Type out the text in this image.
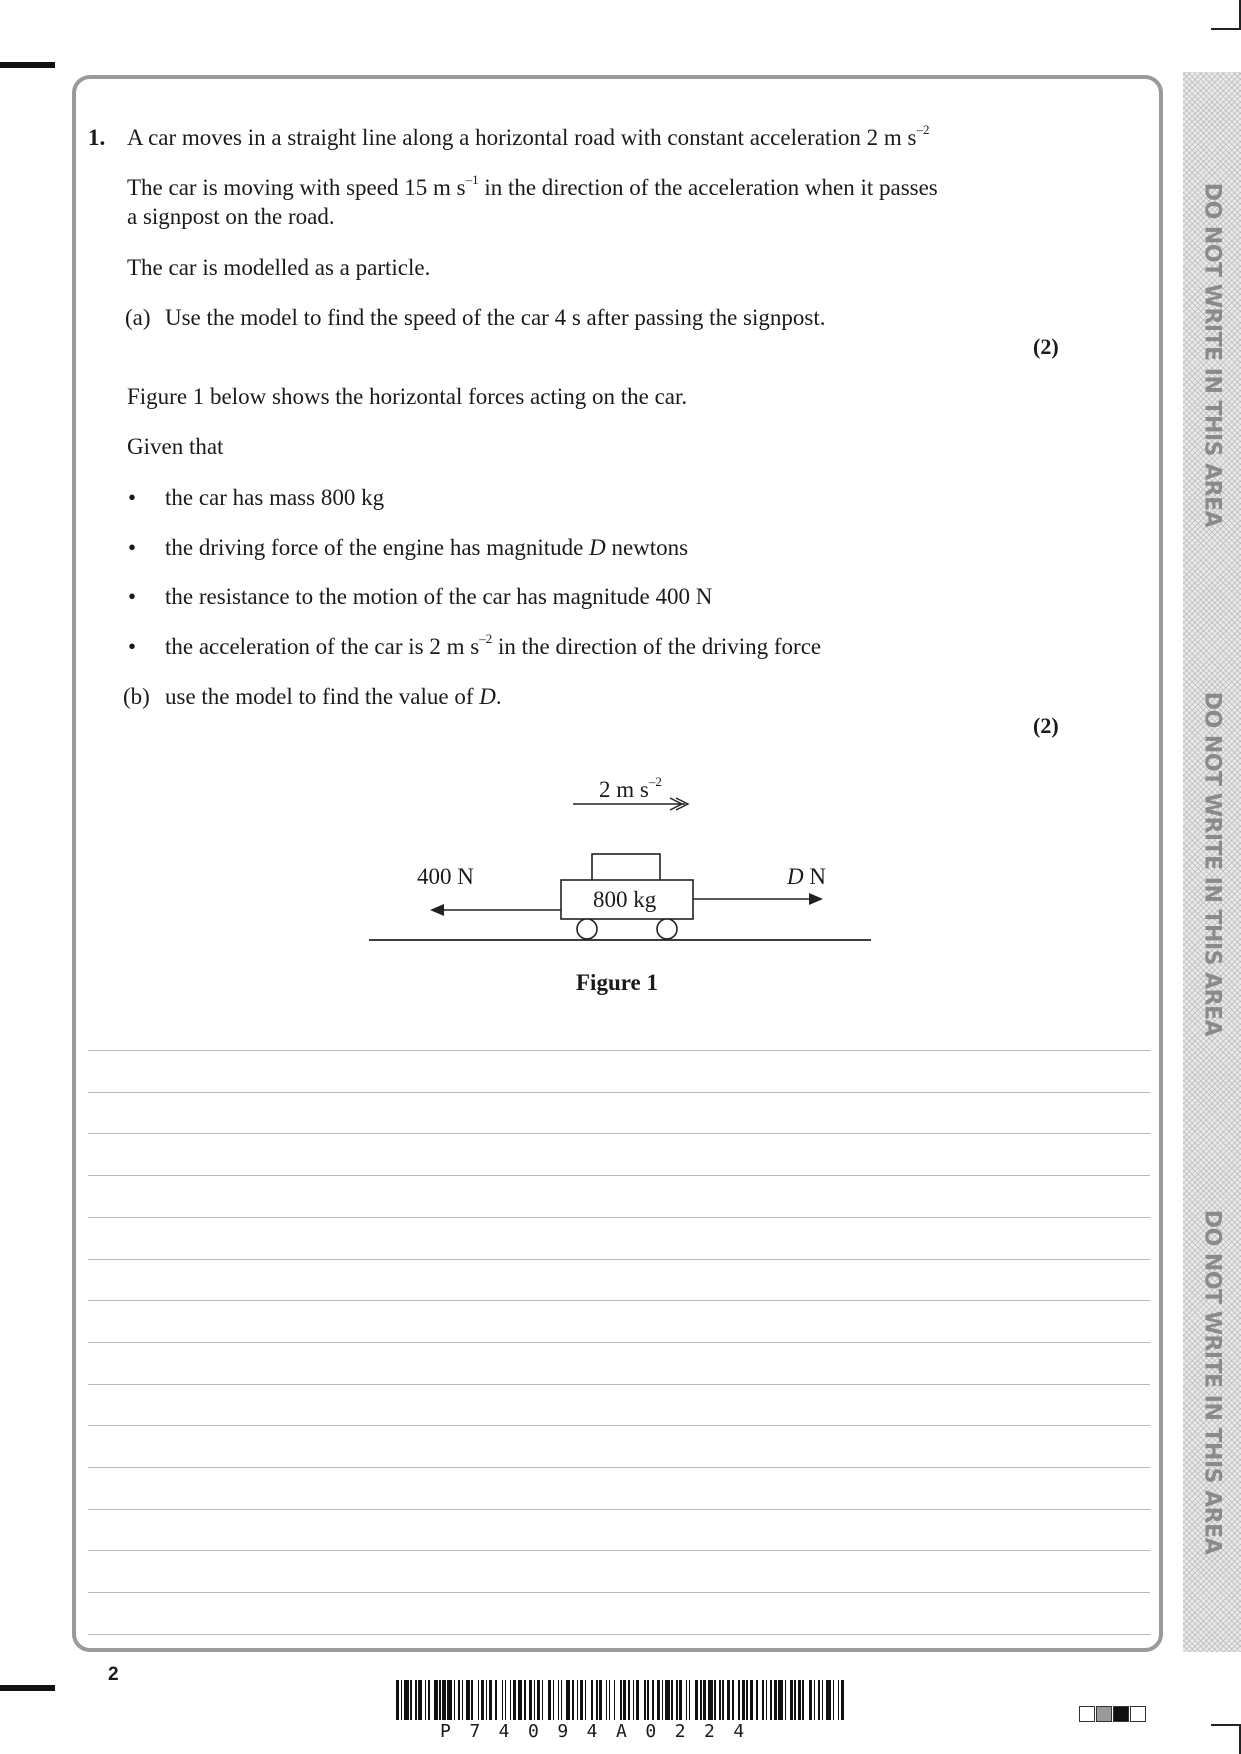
DO NOT WRITE IN THIS AREA
DO NOT WRITE IN THIS AREA
DO NOT WRITE IN THIS AREA
1. A car moves in a straight line along a horizontal road with constant acceleration 2 m $s^{-2}$
The car is moving with speed 15 m $s^{-1}$ in the direction of the acceleration when it passes
a signpost on the road.
The car is modelled as a particle.
(a) Use the model to find the speed of the car 4 s after passing the signpost.
(2)
Figure 1 below shows the horizontal forces acting on the car.
Given that
• the car has mass 800 kg
• the driving force of the engine has magnitude D newtons
• the resistance to the motion of the car has magnitude 400 N
• the acceleration of the car is 2 m $s^{-2}$ in the direction of the driving force
(b) use the model to find the value of D.
(2)
2 m $s^{-2}$
400 N	D N
800 kg
Figure 1
2
P74094A0224
